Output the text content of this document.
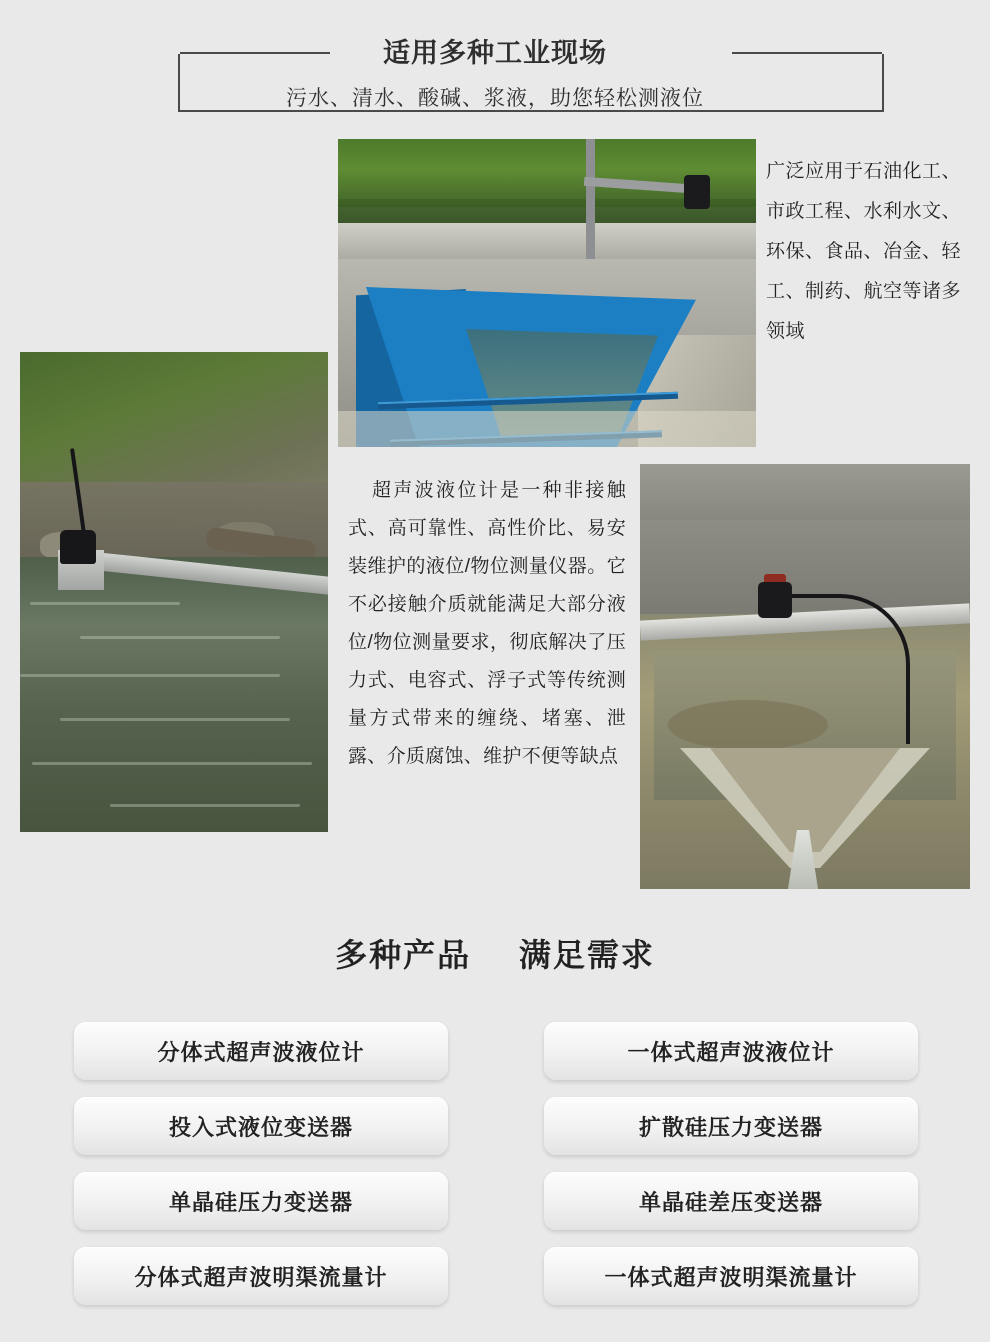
适用多种工业现场
污水、清水、酸碱、浆液，助您轻松测液位
广泛应用于石油化工、市政工程、水利水文、环保、食品、冶金、轻工、制药、航空等诸多领域
超声波液位计是一种非接触式、高可靠性、高性价比、易安装维护的液位/物位测量仪器。它不必接触介质就能满足大部分液位/物位测量要求，彻底解决了压力式、电容式、浮子式等传统测量方式带来的缠绕、堵塞、泄露、介质腐蚀、维护不便等缺点
多种产品 满足需求
分体式超声波液位计	一体式超声波液位计
投入式液位变送器	扩散硅压力变送器
单晶硅压力变送器	单晶硅差压变送器
分体式超声波明渠流量计	一体式超声波明渠流量计
